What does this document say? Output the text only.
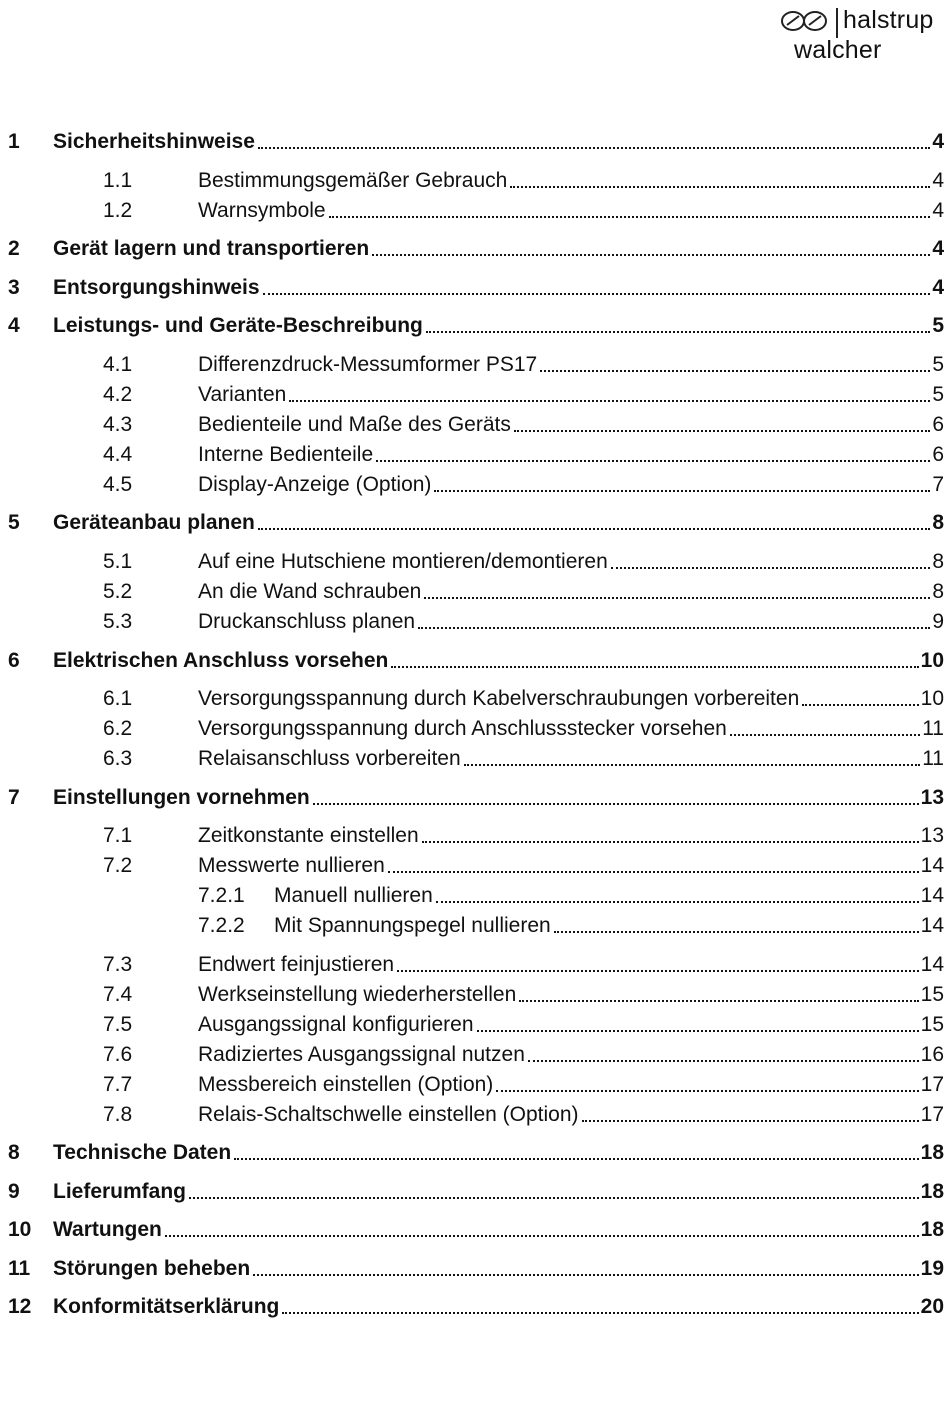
halstrup
walcher
1	Sicherheitshinweise	4
1.1	Bestimmungsgemäßer Gebrauch	4
1.2	Warnsymbole	4
2	Gerät lagern und transportieren	4
3	Entsorgungshinweis	4
4	Leistungs- und Geräte-Beschreibung	5
4.1	Differenzdruck-Messumformer PS17	5
4.2	Varianten	5
4.3	Bedienteile und Maße des Geräts	6
4.4	Interne Bedienteile	6
4.5	Display-Anzeige (Option)	7
5	Geräteanbau planen	8
5.1	Auf eine Hutschiene montieren/demontieren	8
5.2	An die Wand schrauben	8
5.3	Druckanschluss planen	9
6	Elektrischen Anschluss vorsehen	10
6.1	Versorgungsspannung durch Kabelverschraubungen vorbereiten	10
6.2	Versorgungsspannung durch Anschlussstecker vorsehen	11
6.3	Relaisanschluss vorbereiten	11
7	Einstellungen vornehmen	13
7.1	Zeitkonstante einstellen	13
7.2	Messwerte nullieren	14
7.2.1	Manuell nullieren	14
7.2.2	Mit Spannungspegel nullieren	14
7.3	Endwert feinjustieren	14
7.4	Werkseinstellung wiederherstellen	15
7.5	Ausgangssignal konfigurieren	15
7.6	Radiziertes Ausgangssignal nutzen	16
7.7	Messbereich einstellen (Option)	17
7.8	Relais-Schaltschwelle einstellen (Option)	17
8	Technische Daten	18
9	Lieferumfang	18
10	Wartungen	18
11	Störungen beheben	19
12	Konformitätserklärung	20
